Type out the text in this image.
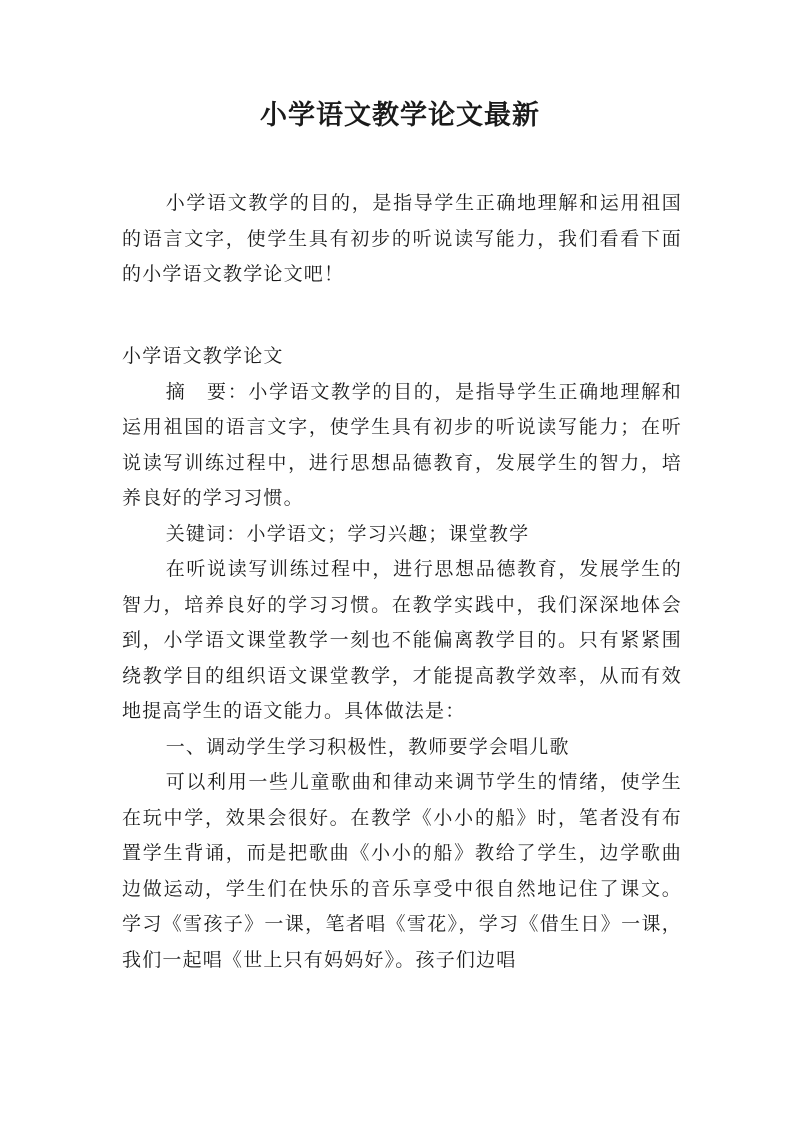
小学语文教学论文最新

小学语文教学的目的，是指导学生正确地理解和运用祖国的语言文字，使学生具有初步的听说读写能力，我们看看下面的小学语文教学论文吧！

小学语文教学论文

摘　要：小学语文教学的目的，是指导学生正确地理解和运用祖国的语言文字，使学生具有初步的听说读写能力；在听说读写训练过程中，进行思想品德教育，发展学生的智力，培养良好的学习习惯。

关键词：小学语文；学习兴趣；课堂教学

在听说读写训练过程中，进行思想品德教育，发展学生的智力，培养良好的学习习惯。在教学实践中，我们深深地体会到，小学语文课堂教学一刻也不能偏离教学目的。只有紧紧围绕教学目的组织语文课堂教学，才能提高教学效率，从而有效地提高学生的语文能力。具体做法是：

一、调动学生学习积极性，教师要学会唱儿歌

可以利用一些儿童歌曲和律动来调节学生的情绪，使学生在玩中学，效果会很好。在教学《小小的船》时，笔者没有布置学生背诵，而是把歌曲《小小的船》教给了学生，边学歌曲边做运动，学生们在快乐的音乐享受中很自然地记住了课文。学习《雪孩子》一课，笔者唱《雪花》，学习《借生日》一课，我们一起唱《世上只有妈妈好》。孩子们边唱
